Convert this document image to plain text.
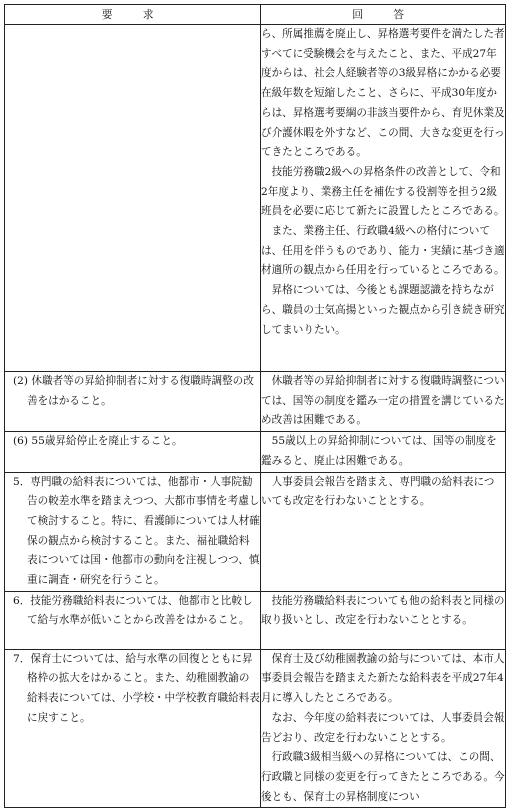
要　求	回　答

	ら、所属推薦を廃止し、昇格選考要件を満たした者すべてに受験機会を与えたこと、また、平成27年度からは、社会人経験者等の3級昇格にかかる必要在級年数を短縮したこと、さらに、平成30年度からは、昇格選考要綱の非該当要件から、育児休業及び介護休暇を外すなど、この間、大きな変更を行ってきたところである。

技能労務職2級への昇格条件の改善として、令和2年度より、業務主任を補佐する役割等を担う2級班員を必要に応じて新たに設置したところである。

また、業務主任、行政職4級への格付については、任用を伴うものであり、能力・実績に基づき適材適所の観点から任用を行っているところである。

昇格については、今後とも課題認識を持ちながら、職員の士気高揚といった観点から引き続き研究してまいりたい。

(2) 休職者等の昇給抑制者に対する復職時調整の改善をはかること。	休職者等の昇給抑制者に対する復職時調整については、国等の制度を鑑み一定の措置を講じているため改善は困難である。

(6) 55歳昇給停止を廃止すること。	55歳以上の昇給抑制については、国等の制度を鑑みると、廃止は困難である。

5．専門職の給料表については、他都市・人事院勧告の較差水準を踏まえつつ、大都市事情を考慮して検討すること。特に、看護師については人材確保の観点から検討すること。また、福祉職給料表については国・他都市の動向を注視しつつ、慎重に調査・研究を行うこと。	人事委員会報告を踏まえ、専門職の給料表についても改定を行わないこととする。

6．技能労務職給料表については、他都市と比較して給与水準が低いことから改善をはかること。	技能労務職給料表についても他の給料表と同様の取り扱いとし、改定を行わないこととする。

7．保育士については、給与水準の回復とともに昇格枠の拡大をはかること。また、幼稚園教諭の給料表については、小学校・中学校教育職給料表に戻すこと。	保育士及び幼稚園教諭の給与については、本市人事委員会報告を踏まえた新たな給料表を平成27年4月に導入したところである。

なお、今年度の給料表については、人事委員会報告どおり、改定を行わないこととする。

行政職3級相当級への昇格については、この間、行政職と同様の変更を行ってきたところである。今後とも、保育士の昇格制度につい
